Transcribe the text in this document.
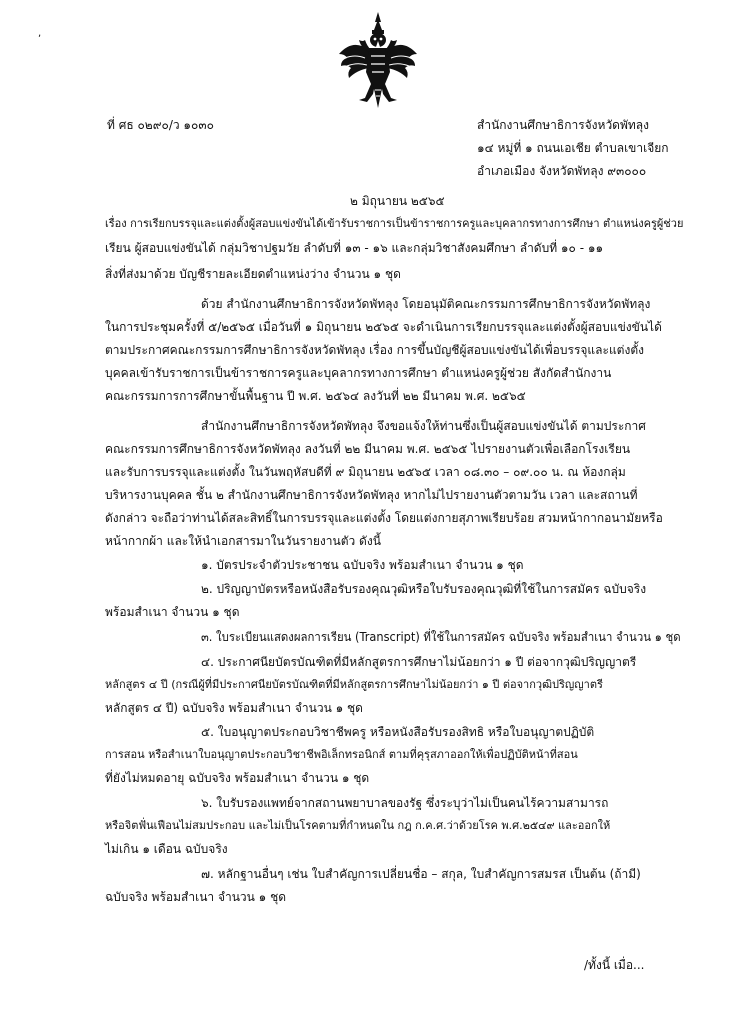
,
ที่ ศธ ๐๒๙๐/ว ๑๐๓๐	สำนักงานศึกษาธิการจังหวัดพัทลุง
๑๔ หมู่ที่ ๑ ถนนเอเชีย ตำบลเขาเจียก
อำเภอเมือง จังหวัดพัทลุง ๙๓๐๐๐
๒ มิถุนายน ๒๕๖๕
เรื่อง การเรียกบรรจุและแต่งตั้งผู้สอบแข่งขันได้เข้ารับราชการเป็นข้าราชการครูและบุคลากรทางการศึกษา ตำแหน่งครูผู้ช่วย
เรียน ผู้สอบแข่งขันได้ กลุ่มวิชาปฐมวัย ลำดับที่ ๑๓ - ๑๖ และกลุ่มวิชาสังคมศึกษา ลำดับที่ ๑๐ - ๑๑
สิ่งที่ส่งมาด้วย บัญชีรายละเอียดตำแหน่งว่าง จำนวน ๑ ชุด
ด้วย สำนักงานศึกษาธิการจังหวัดพัทลุง โดยอนุมัติคณะกรรมการศึกษาธิการจังหวัดพัทลุง
ในการประชุมครั้งที่ ๕/๒๕๖๕ เมื่อวันที่ ๑ มิถุนายน ๒๕๖๕ จะดำเนินการเรียกบรรจุและแต่งตั้งผู้สอบแข่งขันได้
ตามประกาศคณะกรรมการศึกษาธิการจังหวัดพัทลุง เรื่อง การขึ้นบัญชีผู้สอบแข่งขันได้เพื่อบรรจุและแต่งตั้ง
บุคคลเข้ารับราชการเป็นข้าราชการครูและบุคลากรทางการศึกษา ตำแหน่งครูผู้ช่วย สังกัดสำนักงาน
คณะกรรมการการศึกษาขั้นพื้นฐาน ปี พ.ศ. ๒๕๖๔ ลงวันที่ ๒๒ มีนาคม พ.ศ. ๒๕๖๕
สำนักงานศึกษาธิการจังหวัดพัทลุง จึงขอแจ้งให้ท่านซึ่งเป็นผู้สอบแข่งขันได้ ตามประกาศ
คณะกรรมการศึกษาธิการจังหวัดพัทลุง ลงวันที่ ๒๒ มีนาคม พ.ศ. ๒๕๖๕ ไปรายงานตัวเพื่อเลือกโรงเรียน
และรับการบรรจุและแต่งตั้ง ในวันพฤหัสบดีที่ ๙ มิถุนายน ๒๕๖๕ เวลา ๐๘.๓๐ – ๐๙.๐๐ น. ณ ห้องกลุ่ม
บริหารงานบุคคล ชั้น ๒ สำนักงานศึกษาธิการจังหวัดพัทลุง หากไม่ไปรายงานตัวตามวัน เวลา และสถานที่
ดังกล่าว จะถือว่าท่านได้สละสิทธิ์ในการบรรจุและแต่งตั้ง โดยแต่งกายสุภาพเรียบร้อย สวมหน้ากากอนามัยหรือ
หน้ากากผ้า และให้นำเอกสารมาในวันรายงานตัว ดังนี้
๑. บัตรประจำตัวประชาชน ฉบับจริง พร้อมสำเนา จำนวน ๑ ชุด
๒. ปริญญาบัตรหรือหนังสือรับรองคุณวุฒิหรือใบรับรองคุณวุฒิที่ใช้ในการสมัคร ฉบับจริง
พร้อมสำเนา จำนวน ๑ ชุด
๓. ใบระเบียนแสดงผลการเรียน (Transcript) ที่ใช้ในการสมัคร ฉบับจริง พร้อมสำเนา จำนวน ๑ ชุด
๔. ประกาศนียบัตรบัณฑิตที่มีหลักสูตรการศึกษาไม่น้อยกว่า ๑ ปี ต่อจากวุฒิปริญญาตรี
หลักสูตร ๔ ปี (กรณีผู้ที่มีประกาศนียบัตรบัณฑิตที่มีหลักสูตรการศึกษาไม่น้อยกว่า ๑ ปี ต่อจากวุฒิปริญญาตรี
หลักสูตร ๔ ปี) ฉบับจริง พร้อมสำเนา จำนวน ๑ ชุด
๕. ใบอนุญาตประกอบวิชาชีพครู หรือหนังสือรับรองสิทธิ หรือใบอนุญาตปฏิบัติ
การสอน หรือสำเนาใบอนุญาตประกอบวิชาชีพอิเล็กทรอนิกส์ ตามที่คุรุสภาออกให้เพื่อปฏิบัติหน้าที่สอน
ที่ยังไม่หมดอายุ ฉบับจริง พร้อมสำเนา จำนวน ๑ ชุด
๖. ใบรับรองแพทย์จากสถานพยาบาลของรัฐ ซึ่งระบุว่าไม่เป็นคนไร้ความสามารถ
หรือจิตฟั่นเฟือนไม่สมประกอบ และไม่เป็นโรคตามที่กำหนดใน กฎ ก.ค.ศ.ว่าด้วยโรค พ.ศ.๒๕๔๙ และออกให้
ไม่เกิน ๑ เดือน ฉบับจริง
๗. หลักฐานอื่นๆ เช่น ใบสำคัญการเปลี่ยนชื่อ – สกุล, ใบสำคัญการสมรส เป็นต้น (ถ้ามี)
ฉบับจริง พร้อมสำเนา จำนวน ๑ ชุด
/ทั้งนี้ เมื่อ...
